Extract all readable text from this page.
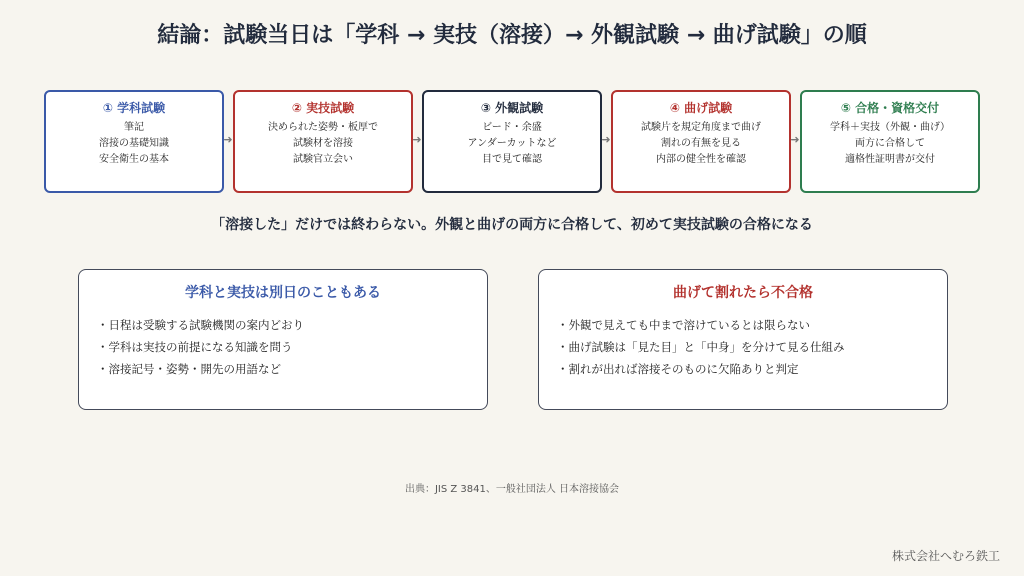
結論：試験当日は「学科 → 実技（溶接）→ 外観試験 → 曲げ試験」の順
① 学科試験
筆記
溶接の基礎知識
安全衛生の基本
➜
② 実技試験
決められた姿勢・板厚で
試験材を溶接
試験官立会い
➜
③ 外観試験
ビード・余盛
アンダーカットなど
目で見て確認
➜
④ 曲げ試験
試験片を規定角度まで曲げ
割れの有無を見る
内部の健全性を確認
➜
⑤ 合格・資格交付
学科＋実技（外観・曲げ）
両方に合格して
適格性証明書が交付
「溶接した」だけでは終わらない。外観と曲げの両方に合格して、初めて実技試験の合格になる
学科と実技は別日のこともある
・日程は受験する試験機関の案内どおり
・学科は実技の前提になる知識を問う
・溶接記号・姿勢・開先の用語など
曲げて割れたら不合格
・外観で見えても中まで溶けているとは限らない
・曲げ試験は「見た目」と「中身」を分けて見る仕組み
・割れが出れば溶接そのものに欠陥ありと判定
出典：JIS Z 3841、一般社団法人 日本溶接協会
株式会社へむろ鉄工
